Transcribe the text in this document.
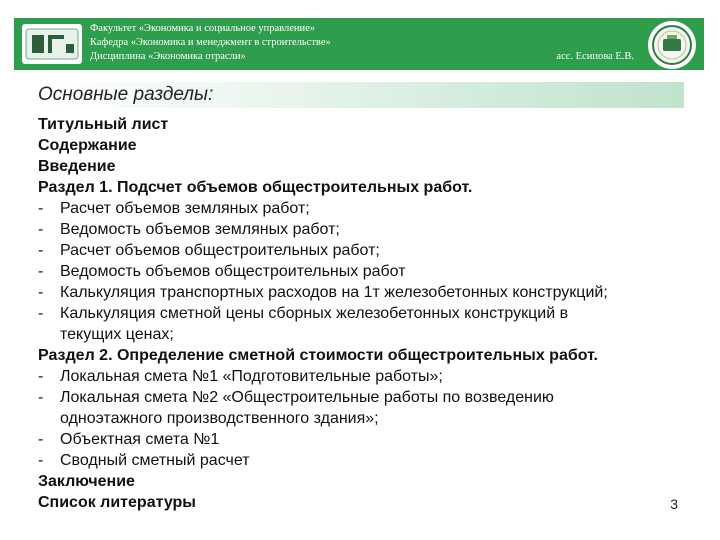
Факультет «Экономика и социальное управление»
Кафедра «Экономика и менеджмент в строительстве»
Дисциплина «Экономика отрасли»	асс. Есипова Е.В.
Основные разделы:
Титульный лист
Содержание
Введение
Раздел 1. Подсчет объемов общестроительных работ.
-	Расчет объемов земляных работ;
-	Ведомость объемов земляных работ;
-	Расчет объемов общестроительных работ;
-	Ведомость объемов общестроительных работ
-	Калькуляция транспортных расходов на 1т железобетонных конструкций;
-	Калькуляция сметной цены сборных железобетонных конструкций в
текущих ценах;
Раздел 2. Определение сметной стоимости общестроительных работ.
-	Локальная смета №1 «Подготовительные работы»;
-	Локальная смета №2 «Общестроительные работы по возведению
одноэтажного производственного здания»;
-	Объектная смета №1
-	Сводный сметный расчет
Заключение
Список литературы	3
